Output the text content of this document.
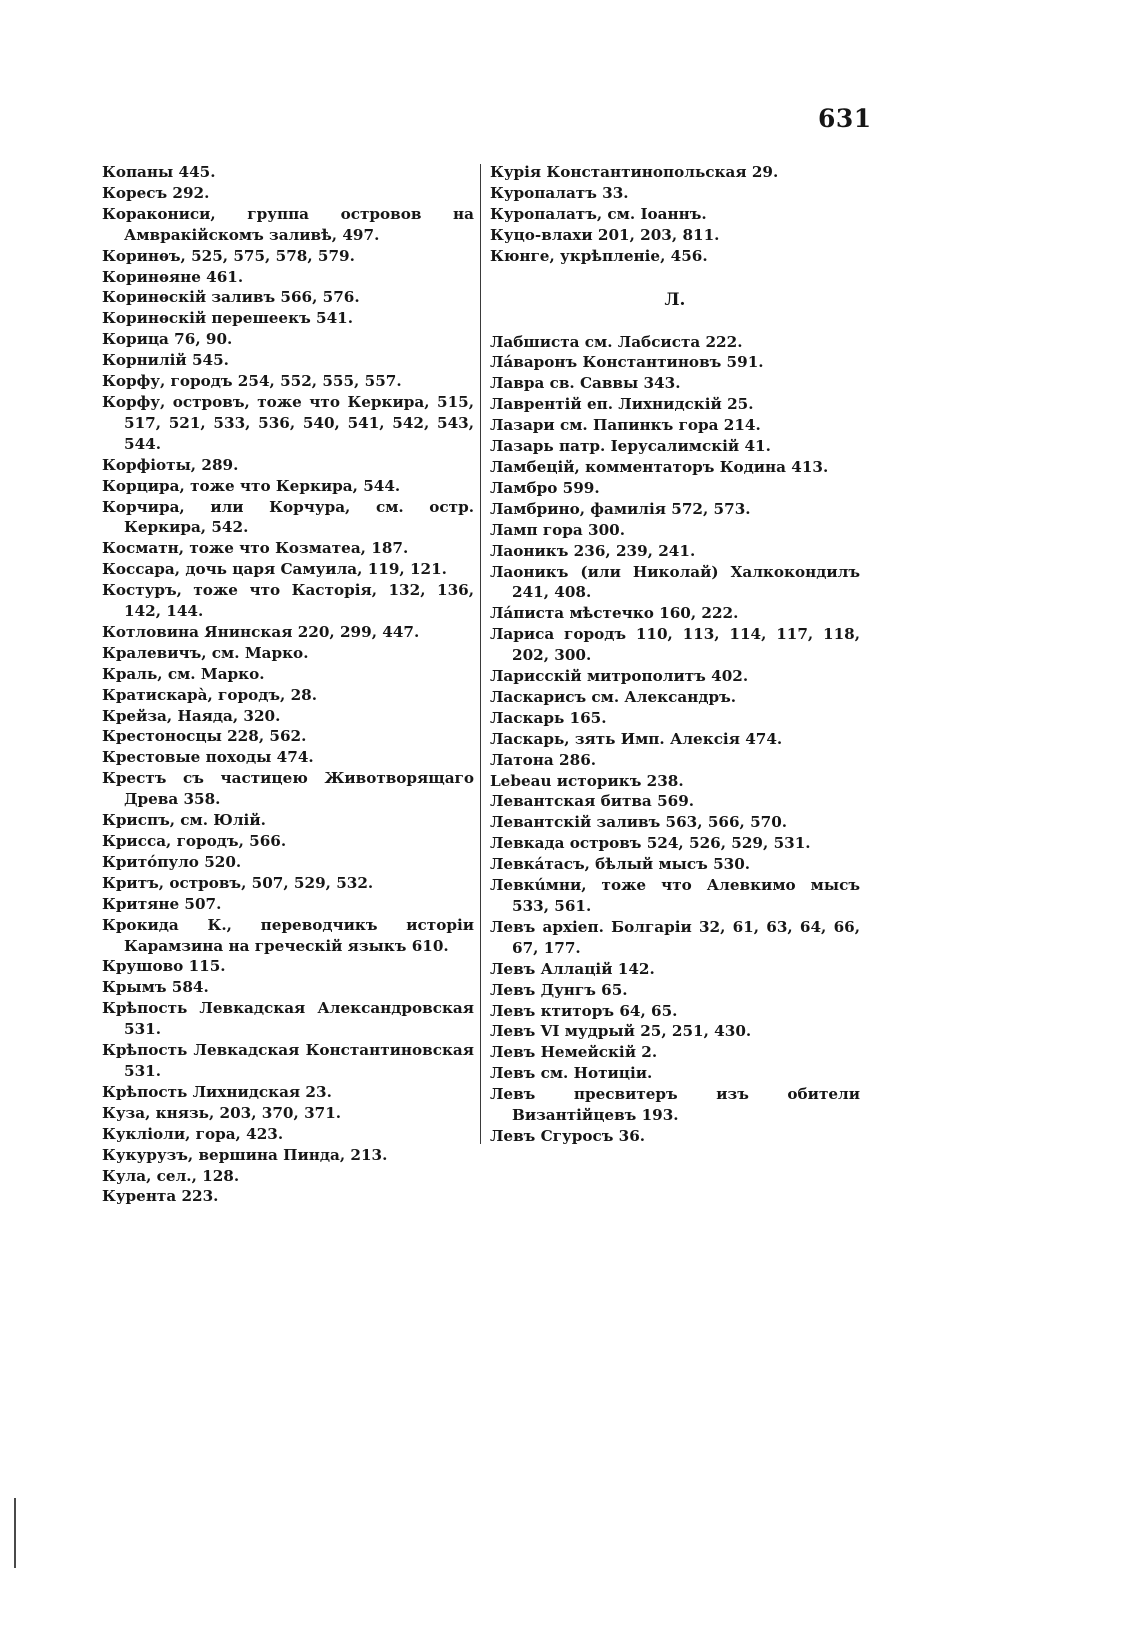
631
Копаны 445.
Коресъ 292.
Коракониси, группа островов на Амвракійскомъ заливѣ, 497.
Коринѳъ, 525, 575, 578, 579.
Коринѳяне 461.
Коринѳскій заливъ 566, 576.
Коринѳскій перешеекъ 541.
Корица 76, 90.
Корнилій 545.
Корфу, городъ 254, 552, 555, 557.
Корфу, островъ, тоже что Керкира, 515, 517, 521, 533, 536, 540, 541, 542, 543, 544.
Корфіоты, 289.
Корцира, тоже что Керкира, 544.
Корчира, или Корчура, см. остр. Керкира, 542.
Косматн, тоже что Козматеа, 187.
Коссара, дочь царя Самуила, 119, 121.
Костуръ, тоже что Касторія, 132, 136, 142, 144.
Котловина Янинская 220, 299, 447.
Кралевичъ, см. Марко.
Краль, см. Марко.
Кратискарà, городъ, 28.
Крейза, Наяда, 320.
Крестоносцы 228, 562.
Крестовые походы 474.
Крестъ съ частицею Животворящаго Древа 358.
Криспъ, см. Юлій.
Крисса, городъ, 566.
Критóпуло 520.
Критъ, островъ, 507, 529, 532.
Критяне 507.
Крокида К., переводчикъ исторіи Карамзина на греческій языкъ 610.
Крушово 115.
Крымъ 584.
Крѣпость Левкадская Александровская 531.
Крѣпость Левкадская Константиновская 531.
Крѣпость Лихнидская 23.
Куза, князь, 203, 370, 371.
Кукліоли, гора, 423.
Кукурузъ, вершина Пинда, 213.
Кула, сел., 128.
Курента 223.
Курія Константинопольская 29.
Куропалатъ 33.
Куропалатъ, см. Іоаннъ.
Куцо-влахи 201, 203, 811.
Кюнге, укрѣпленіе, 456.
Л.
Лабшиста см. Лабсиста 222.
Лáваронъ Константиновъ 591.
Лавра св. Саввы 343.
Лаврентій еп. Лихнидскій 25.
Лазари см. Папинкъ гора 214.
Лазарь патр. Іерусалимскій 41.
Ламбецій, комментаторъ Кодина 413.
Ламбро 599.
Ламбрино, фамилія 572, 573.
Ламп гора 300.
Лаоникъ 236, 239, 241.
Лаоникъ (или Николай) Халкокондилъ 241, 408.
Лáписта мѣстечко 160, 222.
Лариса городъ 110, 113, 114, 117, 118, 202, 300.
Ларисскій митрополитъ 402.
Ласкарисъ см. Александръ.
Ласкарь 165.
Ласкарь, зять Имп. Алексія 474.
Латона 286.
Lebeau историкъ 238.
Левантская битва 569.
Левантскій заливъ 563, 566, 570.
Левкада островъ 524, 526, 529, 531.
Левкáтасъ, бѣлый мысъ 530.
Левкúмни, тоже что Алевкимо мысъ 533, 561.
Левъ архіеп. Болгаріи 32, 61, 63, 64, 66, 67, 177.
Левъ Аллацій 142.
Левъ Дунгъ 65.
Левъ ктиторъ 64, 65.
Левъ VI мудрый 25, 251, 430.
Левъ Немейскій 2.
Левъ см. Нотиціи.
Левъ пресвитеръ изъ обители Византійцевъ 193.
Левъ Сгуросъ 36.
